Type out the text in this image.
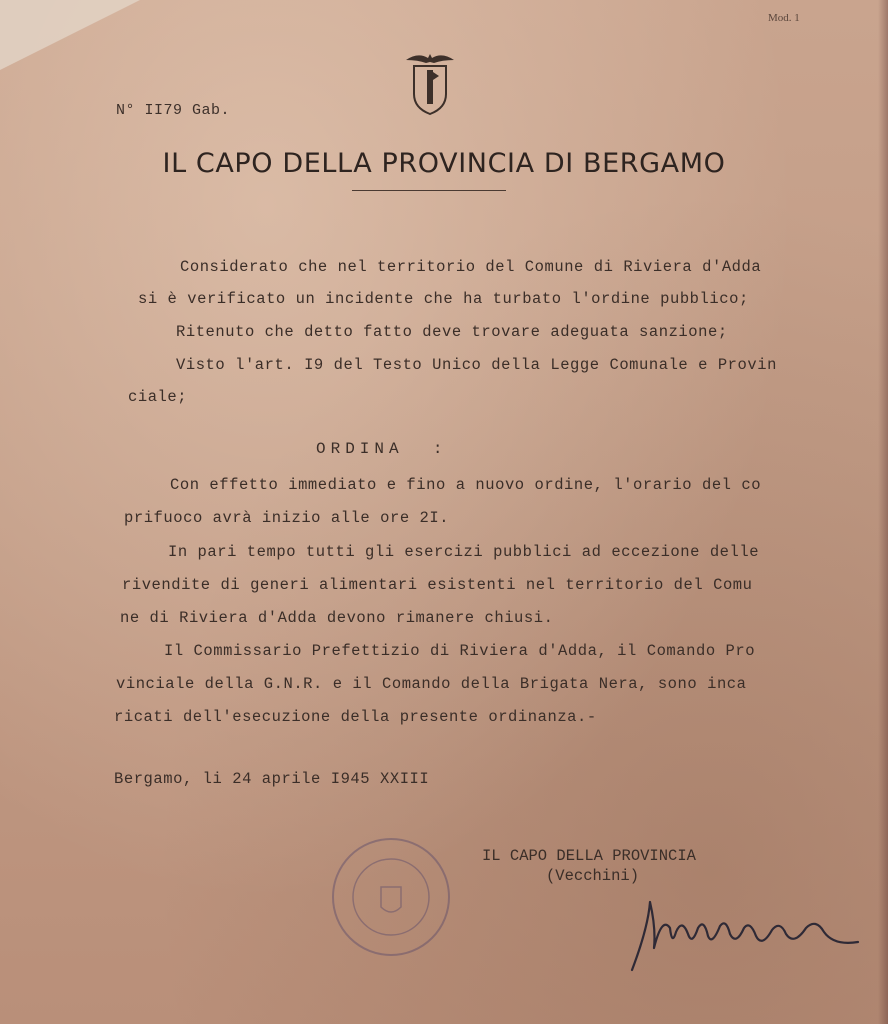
Mod. 1
N° II79 Gab.
IL CAPO DELLA PROVINCIA DI BERGAMO
Considerato che nel territorio del Comune di Riviera d'Adda
si è verificato un incidente che ha turbato l'ordine pubblico;
Ritenuto che detto fatto deve trovare adeguata sanzione;
Visto l'art. I9 del Testo Unico della Legge Comunale e Provin
ciale;
ORDINA  :
Con effetto immediato e fino a nuovo ordine, l'orario del co
prifuoco avrà inizio alle ore 2I.
In pari tempo tutti gli esercizi pubblici ad eccezione delle
rivendite di generi alimentari esistenti nel territorio del Comu
ne di Riviera d'Adda devono rimanere chiusi.
Il Commissario Prefettizio di Riviera d'Adda, il Comando Pro
vinciale della G.N.R. e il Comando della Brigata Nera, sono inca
ricati dell'esecuzione della presente ordinanza.-
Bergamo, li 24 aprile I945 XXIII
IL CAPO DELLA PROVINCIA
(Vecchini)
